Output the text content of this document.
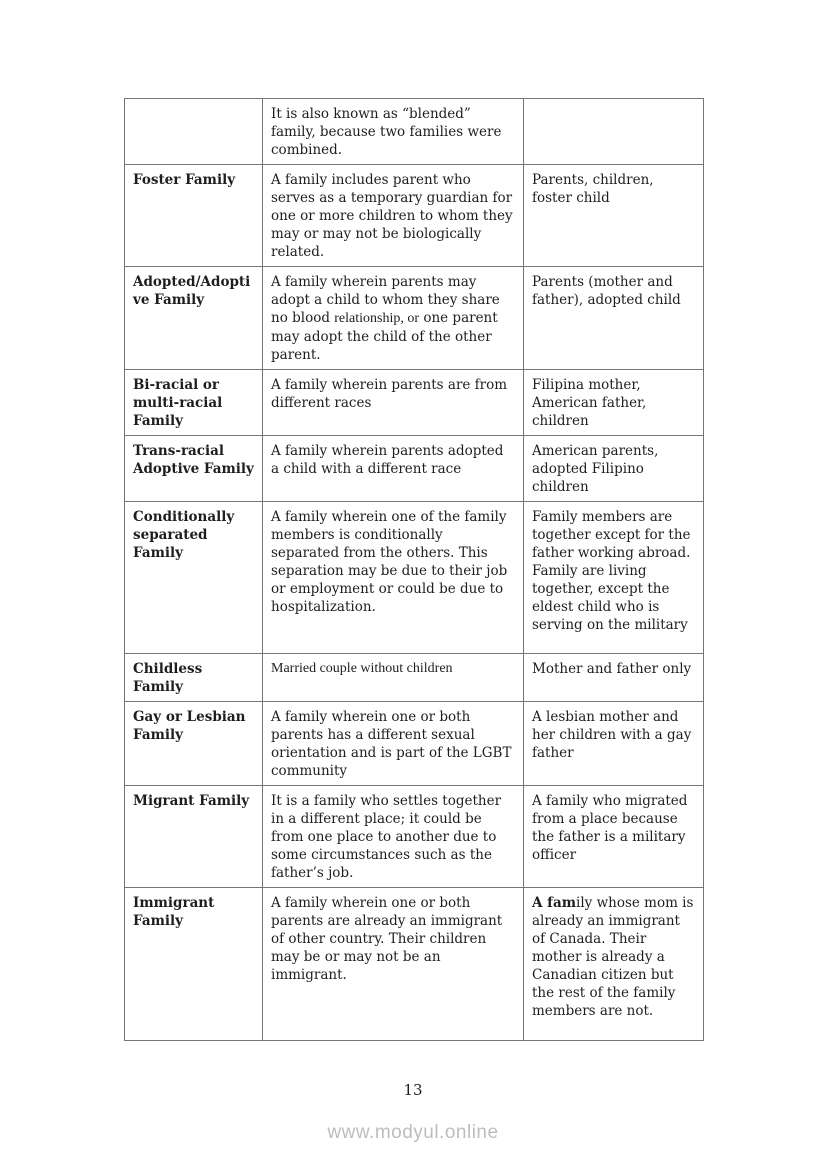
	It is also known as “blended” family, because two families were combined.	
Foster Family	A family includes parent who serves as a temporary guardian for one or more children to whom they may or may not be biologically related.	Parents, children, foster child
Adopted/Adoptive Family	A family wherein parents may adopt a child to whom they share no blood relationship, or one parent may adopt the child of the other parent.	Parents (mother and father), adopted child
Bi-racial or multi-racial Family	A family wherein parents are from different races	Filipina mother, American father, children
Trans-racial Adoptive Family	A family wherein parents adopted a child with a different race	American parents, adopted Filipino children
Conditionally separated Family	A family wherein one of the family members is conditionally separated from the others. This separation may be due to their job or employment or could be due to hospitalization.	Family members are together except for the father working abroad. Family are living together, except the eldest child who is serving on the military
Childless Family	Married couple without children	Mother and father only
Gay or Lesbian Family	A family wherein one or both parents has a different sexual orientation and is part of the LGBT community	A lesbian mother and her children with a gay father
Migrant Family	It is a family who settles together in a different place; it could be from one place to another due to some circumstances such as the father’s job.	A family who migrated from a place because the father is a military officer
Immigrant Family	A family wherein one or both parents are already an immigrant of other country. Their children may be or may not be an immigrant.	A family whose mom is already an immigrant of Canada. Their mother is already a Canadian citizen but the rest of the family members are not.
13
www.modyul.online
